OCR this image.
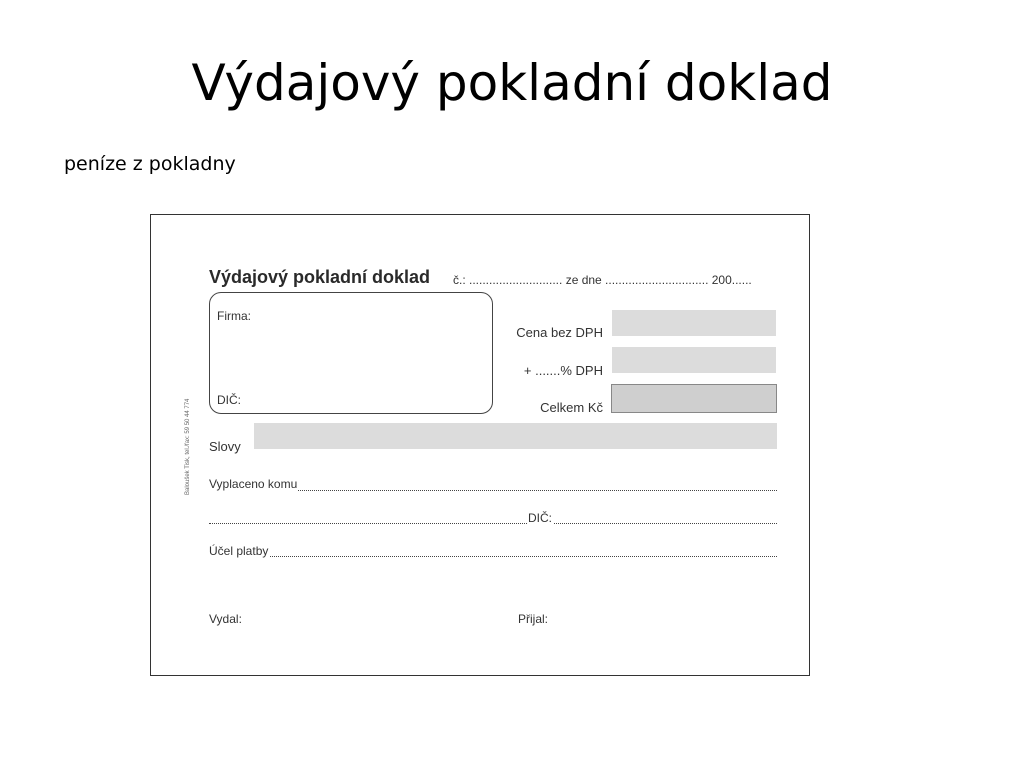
Výdajový pokladní doklad

peníze z pokladny

Baloušek Tisk, tel./fax: 59 50 44 774
Výdajový pokladní doklad č.: ............................ ze dne ............................... 200......
Firma:
DIČ:
Cena bez DPH
+ .......% DPH
Celkem Kč
Slovy
Vyplaceno komu
DIČ:
Účel platby
Vydal:	Přijal:
